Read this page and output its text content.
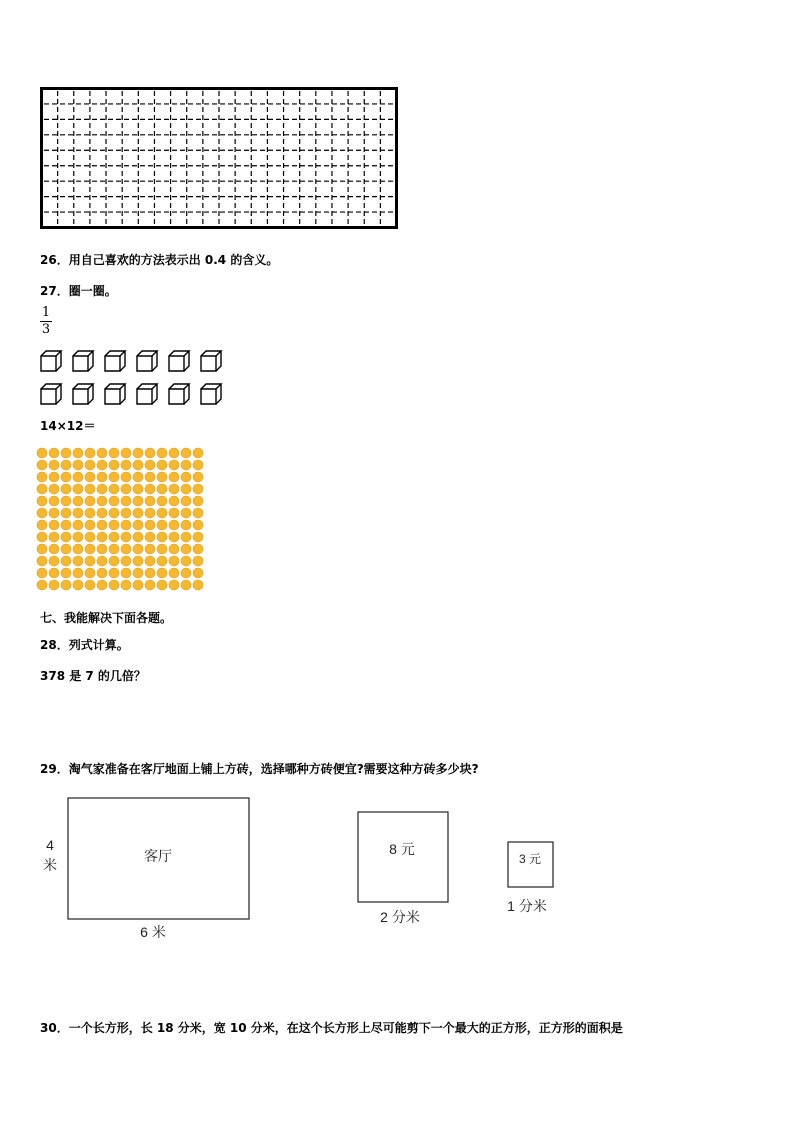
26．用自己喜欢的方法表示出 0.4 的含义。
27．圈一圈。
1
3
14×12＝
七、我能解决下面各题。
28．列式计算。
378 是 7 的几倍？
29．淘气家准备在客厅地面上铺上方砖，选择哪种方砖便宜?需要这种方砖多少块?
客厅
4
米
6 米
8 元
2 分米
3 元
1 分米
30．一个长方形，长 18 分米，宽 10 分米，在这个长方形上尽可能剪下一个最大的正方形，正方形的面积是
